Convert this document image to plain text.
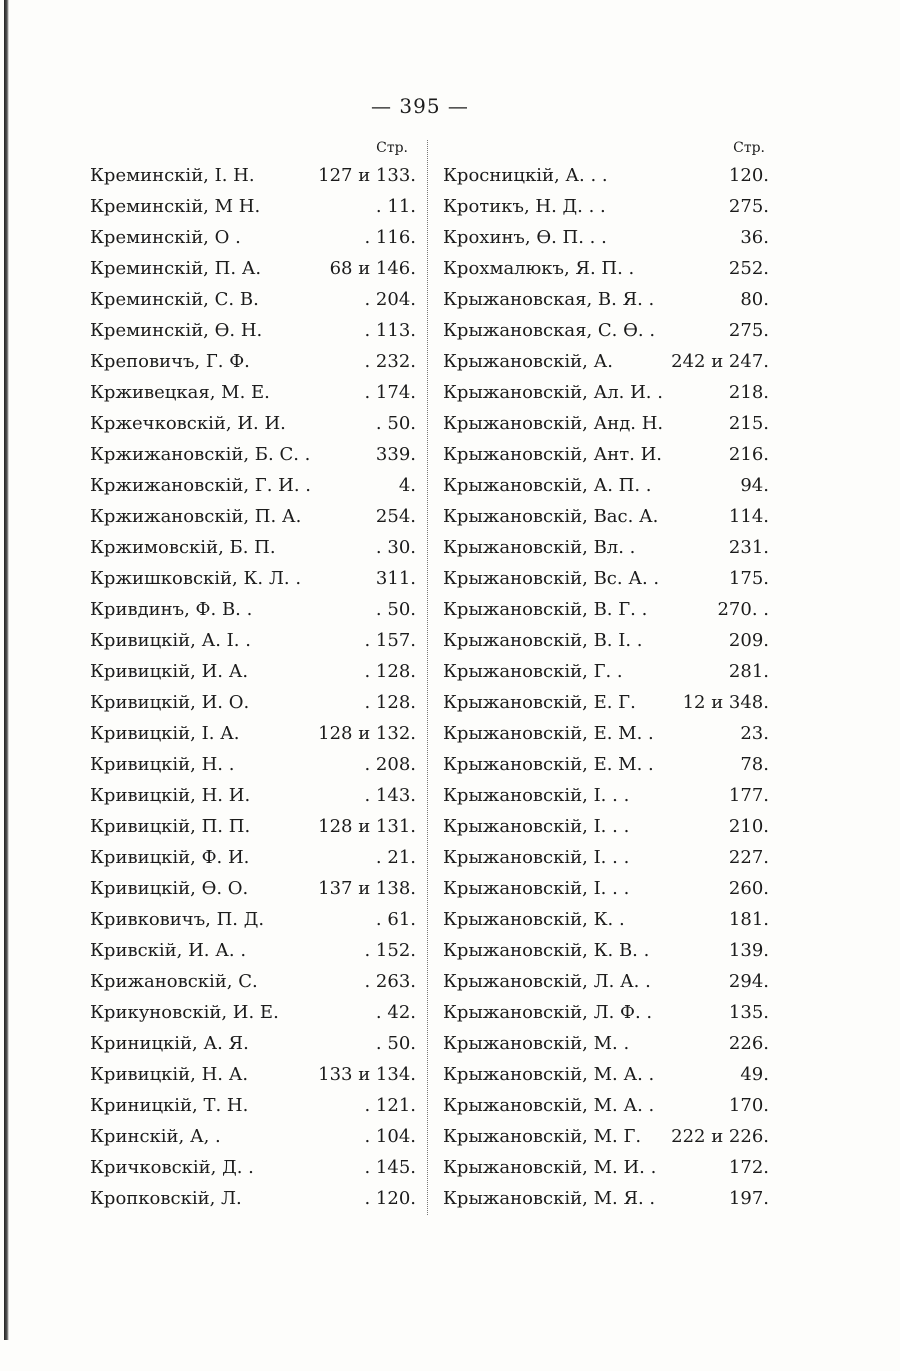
— 395 —
Стр.
Креминскій, І. Н.	127 и 133.
Креминскій, М Н.	. 11.
Креминскій, О .	. 116.
Креминскій, П. А.	68 и 146.
Креминскій, С. В.	. 204.
Креминскій, Ө. Н.	. 113.
Креповичъ, Г. Ф.	. 232.
Крживецкая, М. Е.	. 174.
Кржечковскій, И. И.	. 50.
Кржижановскій, Б. С. .	339.
Кржижановскій, Г. И. .	4.
Кржижановскій, П. А.	254.
Кржимовскій, Б. П.	. 30.
Кржишковскій, К. Л. .	311.
Кривдинъ, Ф. В. .	. 50.
Кривицкій, А. І. .	. 157.
Кривицкій, И. А.	. 128.
Кривицкій, И. О.	. 128.
Кривицкій, І. А.	128 и 132.
Кривицкій, Н. .	. 208.
Кривицкій, Н. И.	. 143.
Кривицкій, П. П.	128 и 131.
Кривицкій, Ф. И.	. 21.
Кривицкій, Ө. О.	137 и 138.
Кривковичъ, П. Д.	. 61.
Кривскій, И. А. .	. 152.
Крижановскій, С.	. 263.
Крикуновскій, И. Е.	. 42.
Криницкій, А. Я.	. 50.
Кривицкій, Н. А.	133 и 134.
Криницкій, Т. Н.	. 121.
Кринскій, А, .	. 104.
Кричковскій, Д. .	. 145.
Кропковскій, Л.	. 120.
Стр.
Кросницкій, А. . .	120.
Кротикъ, Н. Д. . .	275.
Крохинъ, Ө. П. . .	36.
Крохмалюкъ, Я. П. .	252.
Крыжановская, В. Я. .	80.
Крыжановская, С. Ө. .	275.
Крыжановскій, А.	242 и 247.
Крыжановскій, Ал. И. .	218.
Крыжановскій, Анд. Н.	215.
Крыжановскій, Ант. И.	216.
Крыжановскій, А. П. .	94.
Крыжановскій, Вас. А.	114.
Крыжановскій, Вл. .	231.
Крыжановскій, Вс. А. .	175.
Крыжановскій, В. Г. .	270. .
Крыжановскій, В. І. .	209.
Крыжановскій, Г. .	281.
Крыжановскій, Е. Г.	12 и 348.
Крыжановскій, Е. М. .	23.
Крыжановскій, Е. М. .	78.
Крыжановскій, І. . .	177.
Крыжановскій, І. . .	210.
Крыжановскій, І. . .	227.
Крыжановскій, І. . .	260.
Крыжановскій, К. .	181.
Крыжановскій, К. В. .	139.
Крыжановскій, Л. А. .	294.
Крыжановскій, Л. Ф. .	135.
Крыжановскій, М. .	226.
Крыжановскій, М. А. .	49.
Крыжановскій, М. А. .	170.
Крыжановскій, М. Г.	222 и 226.
Крыжановскій, М. И. .	172.
Крыжановскій, М. Я. .	197.
